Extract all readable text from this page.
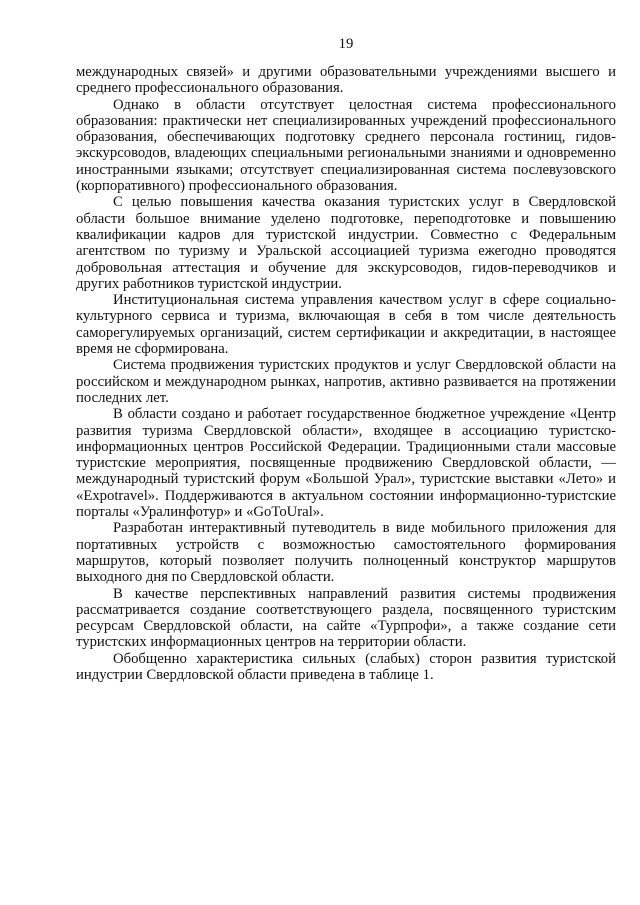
19

международных связей» и другими образовательными учреждениями высшего и среднего профессионального образования.

Однако в области отсутствует целостная система профессионального образования: практически нет специализированных учреждений профессионального образования, обеспечивающих подготовку среднего персонала гостиниц, гидов-экскурсоводов, владеющих специальными региональными знаниями и одновременно иностранными языками; отсутствует специализированная система послевузовского (корпоративного) профессионального образования.

С целью повышения качества оказания туристских услуг в Свердловской области большое внимание уделено подготовке, переподготовке и повышению квалификации кадров для туристской индустрии. Совместно с Федеральным агентством по туризму и Уральской ассоциацией туризма ежегодно проводятся добровольная аттестация и обучение для экскурсоводов, гидов-переводчиков и других работников туристской индустрии.

Институциональная система управления качеством услуг в сфере социально-культурного сервиса и туризма, включающая в себя в том числе деятельность саморегулируемых организаций, систем сертификации и аккредитации, в настоящее время не сформирована.

Система продвижения туристских продуктов и услуг Свердловской области на российском и международном рынках, напротив, активно развивается на протяжении последних лет.

В области создано и работает государственное бюджетное учреждение «Центр развития туризма Свердловской области», входящее в ассоциацию туристско-информационных центров Российской Федерации. Традиционными стали массовые туристские мероприятия, посвященные продвижению Свердловской области, — международный туристский форум «Большой Урал», туристские выставки «Лето» и «Expotravel». Поддерживаются в актуальном состоянии информационно-туристские порталы «Уралинфотур» и «GoToUral».

Разработан интерактивный путеводитель в виде мобильного приложения для портативных устройств с возможностью самостоятельного формирования маршрутов, который позволяет получить полноценный конструктор маршрутов выходного дня по Свердловской области.

В качестве перспективных направлений развития системы продвижения рассматривается создание соответствующего раздела, посвященного туристским ресурсам Свердловской области, на сайте «Турпрофи», а также создание сети туристских информационных центров на территории области.

Обобщенно характеристика сильных (слабых) сторон развития туристской индустрии Свердловской области приведена в таблице 1.
